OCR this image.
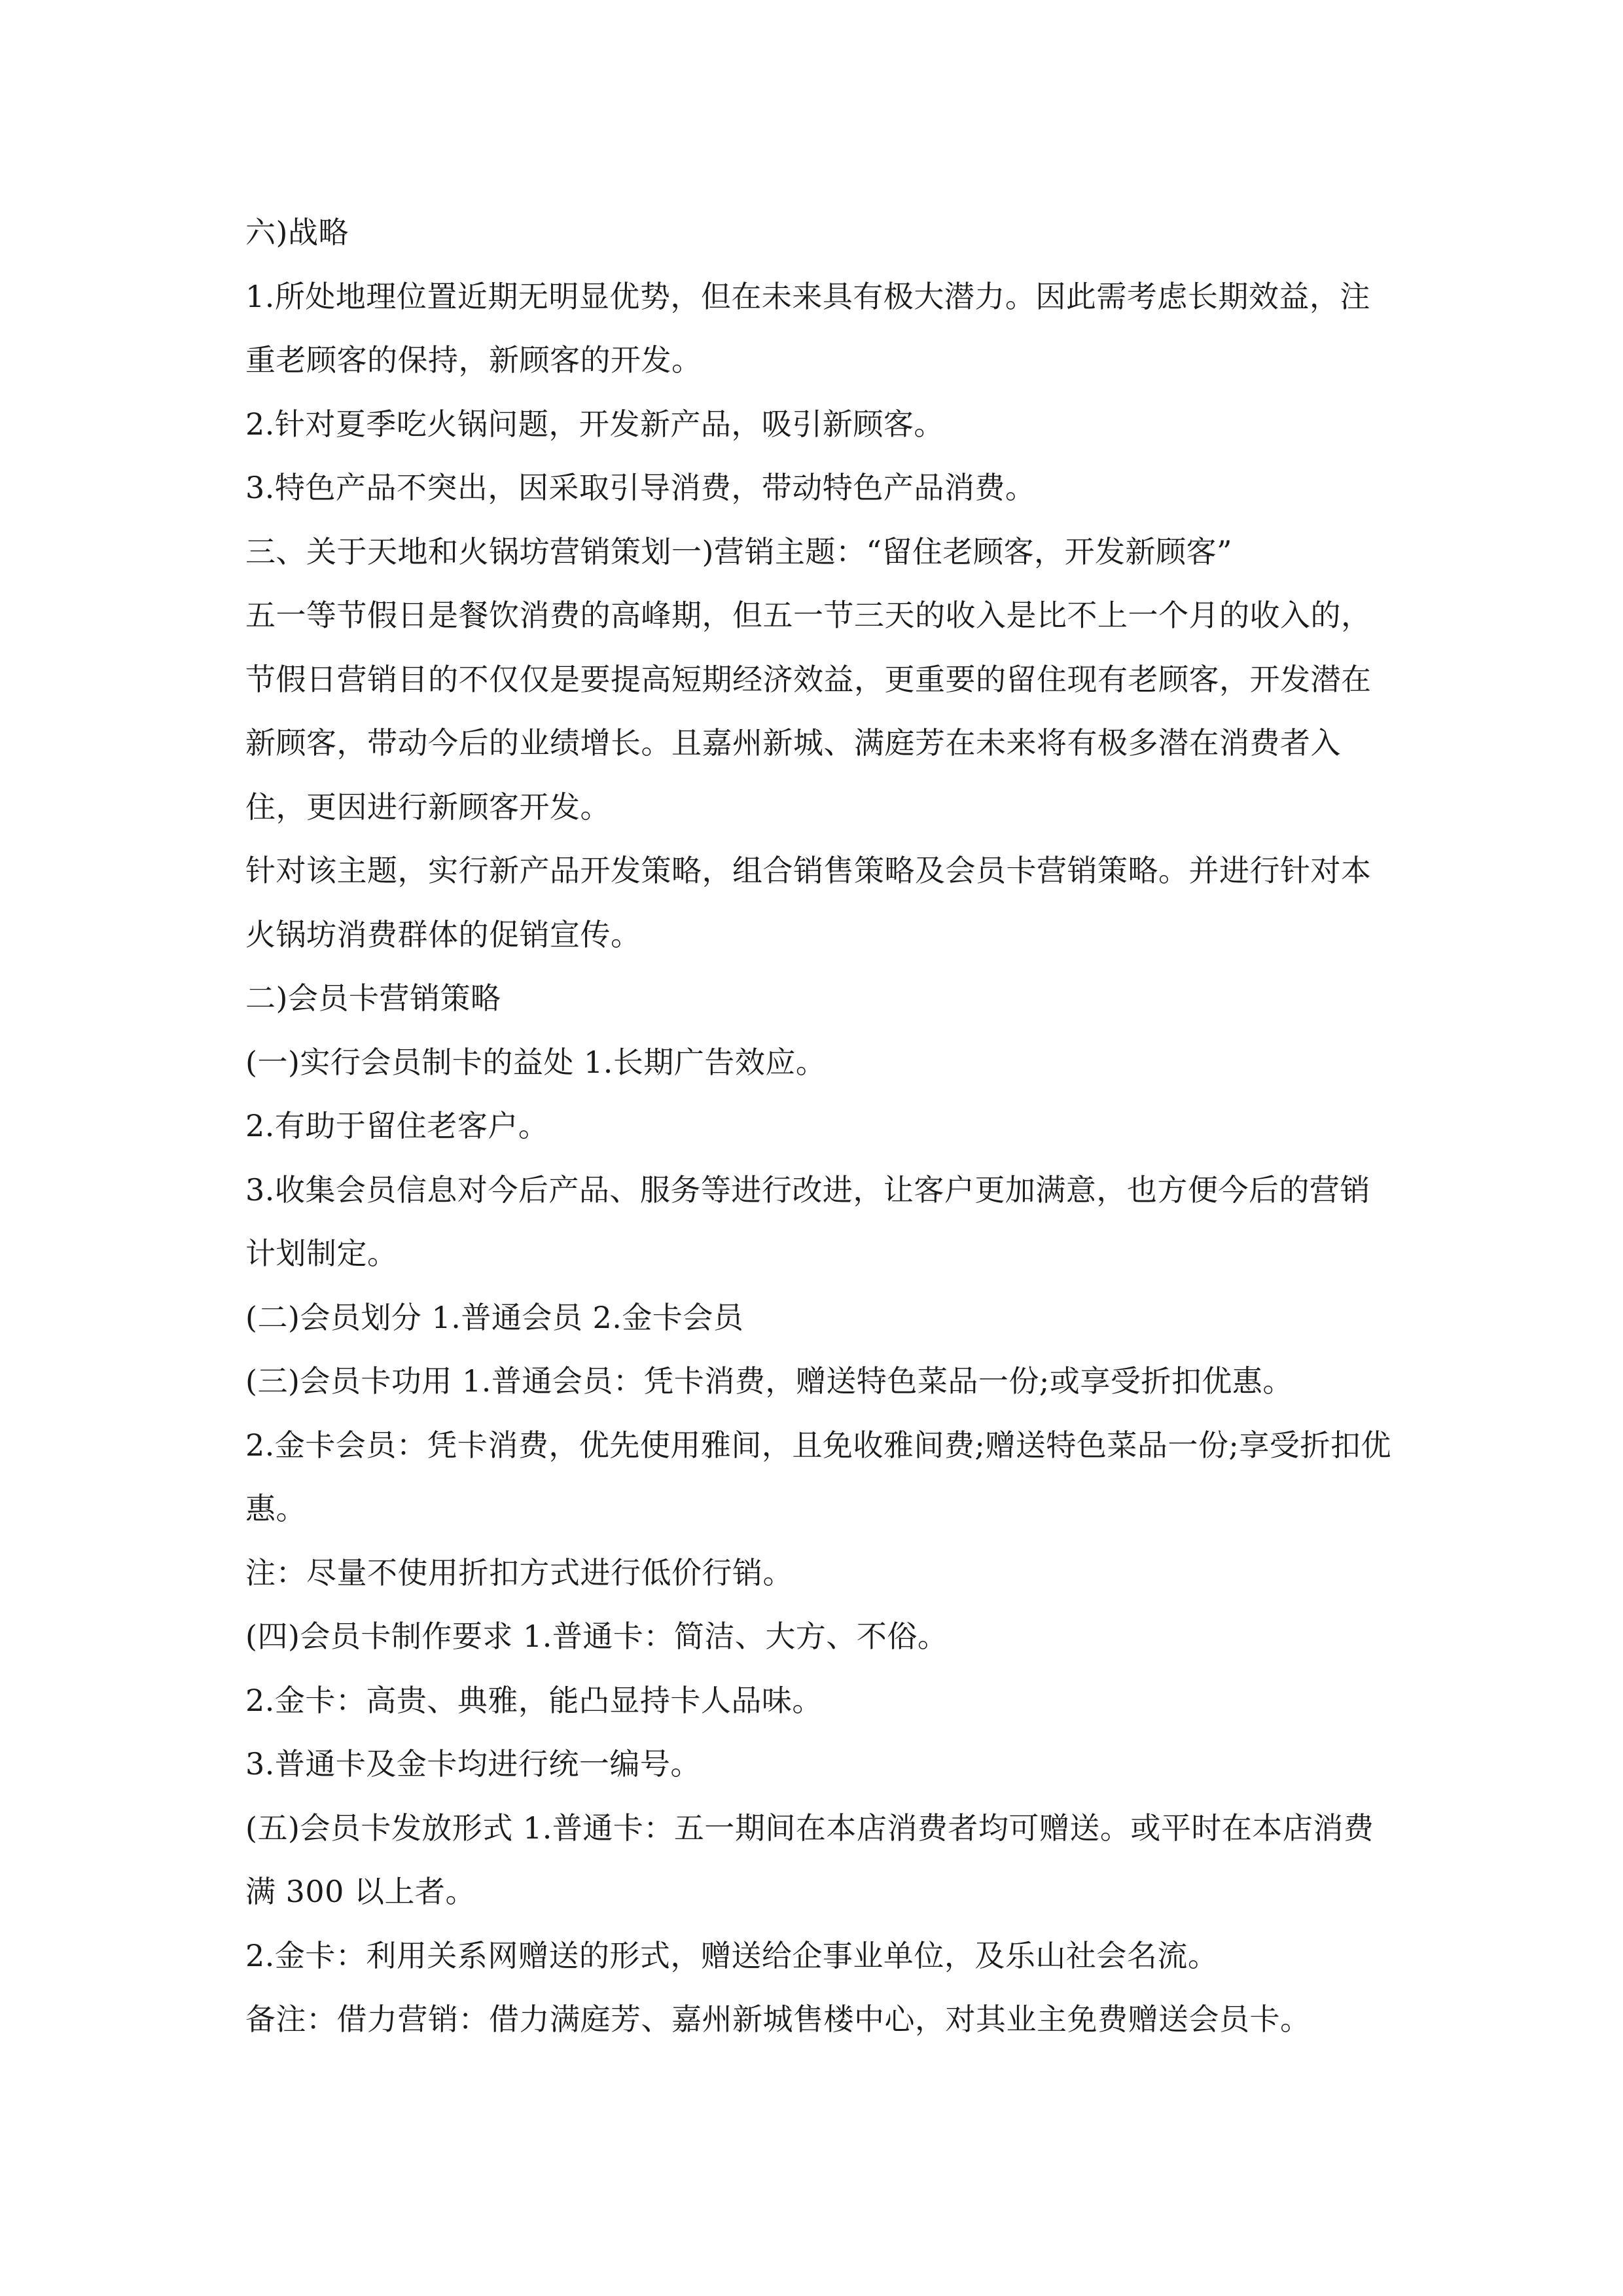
六)战略

1.所处地理位置近期无明显优势，但在未来具有极大潜力。因此需考虑长期效益，注重老顾客的保持，新顾客的开发。

2.针对夏季吃火锅问题，开发新产品，吸引新顾客。

3.特色产品不突出，因采取引导消费，带动特色产品消费。

三、关于天地和火锅坊营销策划一)营销主题：“留住老顾客，开发新顾客”

五一等节假日是餐饮消费的高峰期，但五一节三天的收入是比不上一个月的收入的，节假日营销目的不仅仅是要提高短期经济效益，更重要的留住现有老顾客，开发潜在新顾客，带动今后的业绩增长。且嘉州新城、满庭芳在未来将有极多潜在消费者入住，更因进行新顾客开发。

针对该主题，实行新产品开发策略，组合销售策略及会员卡营销策略。并进行针对本火锅坊消费群体的促销宣传。

二)会员卡营销策略

(一)实行会员制卡的益处 1.长期广告效应。

2.有助于留住老客户。

3.收集会员信息对今后产品、服务等进行改进，让客户更加满意，也方便今后的营销计划制定。

(二)会员划分 1.普通会员 2.金卡会员

(三)会员卡功用 1.普通会员：凭卡消费，赠送特色菜品一份;或享受折扣优惠。

2.金卡会员：凭卡消费，优先使用雅间，且免收雅间费;赠送特色菜品一份;享受折扣优惠。

注：尽量不使用折扣方式进行低价行销。

(四)会员卡制作要求 1.普通卡：简洁、大方、不俗。

2.金卡：高贵、典雅，能凸显持卡人品味。

3.普通卡及金卡均进行统一编号。

(五)会员卡发放形式 1.普通卡：五一期间在本店消费者均可赠送。或平时在本店消费满 300 以上者。

2.金卡：利用关系网赠送的形式，赠送给企事业单位，及乐山社会名流。

备注：借力营销：借力满庭芳、嘉州新城售楼中心，对其业主免费赠送会员卡。
